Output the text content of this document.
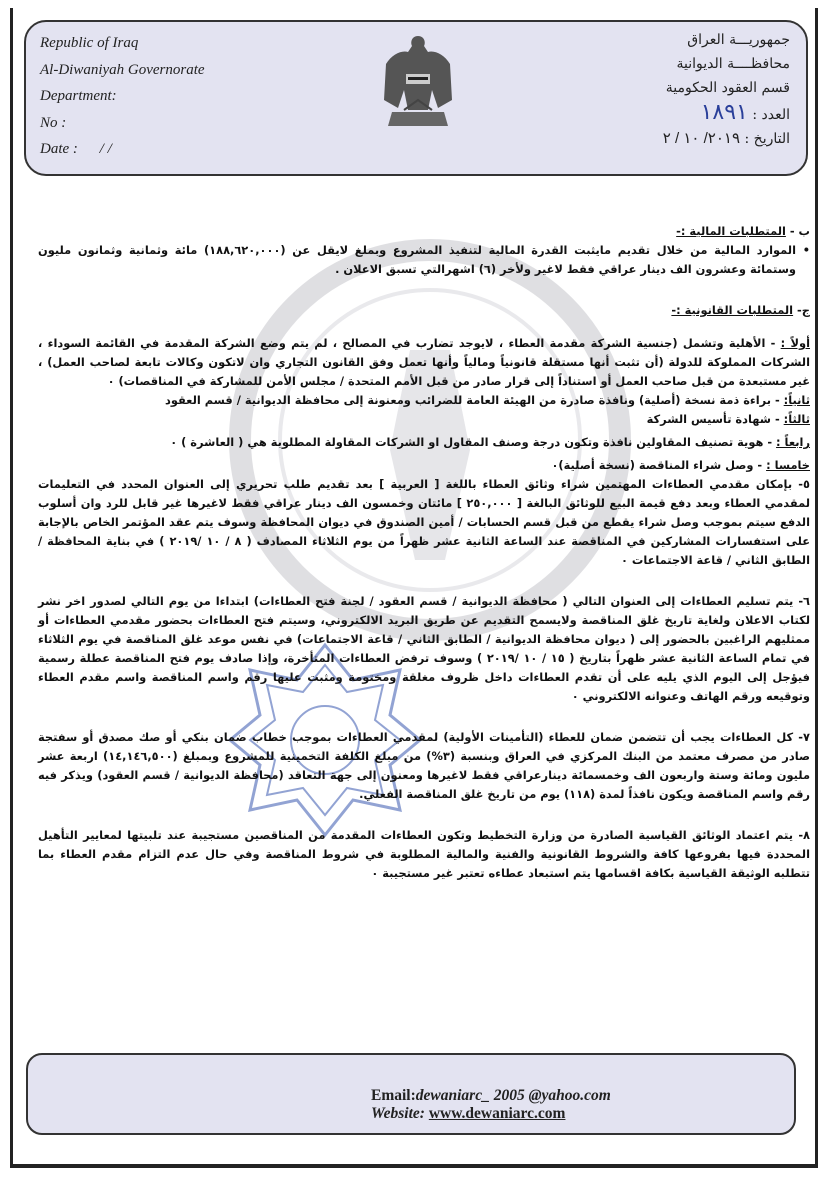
Republic of Iraq
Al-Diwaniyah Governorate
Department:
No :
Date : / /
جمهوريـــة العراق
محافظــــة الديوانية
قسم العقود الحكومية
العدد : ١٨٩١
التاريخ : ٢٠١٩/ ١٠ / ٢

ب - المتطلبات المالية :-

• الموارد المالية من خلال تقديم مايثبت القدرة المالية لتنفيذ المشروع وبملغ لايقل عن (١٨٨,٦٢٠,٠٠٠) مائة وثمانية وثمانون مليون وستمائة وعشرون الف دينار عراقي فقط لاغير ولأخر (٦) اشهرالتي تسبق الاعلان .

ج- المتطلبات القانونية :-

أولاً : - الأهلية وتشمل (جنسية الشركة مقدمة العطاء ، لايوجد تضارب في المصالح ، لم يتم وضع الشركة المقدمة في القائمة السوداء ، الشركات المملوكة للدولة (أن تثبت أنها مستقلة قانونياً ومالياً وأنها تعمل وفق القانون التجاري وان لاتكون وكالات تابعة لصاحب العمل) ، غير مستبعدة من قبل صاحب العمل أو استناداً إلى قرار صادر من قبل الأمم المتحدة / مجلس الأمن للمشاركة في المناقصات) ٠

ثانياً: - براءة ذمة نسخة (أصلية) ونافذة صادرة من الهيئة العامة للضرائب ومعنونة إلى محافظة الديوانية / قسم العقود

ثالثاً: - شهادة تأسيس الشركة

رابعاً : - هوية تصنيف المقاولين نافذة وتكون درجة وصنف المقاول او الشركات المقاولة المطلوبة هي ( العاشرة ) ٠

خامسا : - وصل شراء المناقصة (نسخة أصلية)٠

٥- بإمكان مقدمي العطاءات المهتمين شراء وثائق العطاء باللغة [ العربية ] بعد تقديم طلب تحريري إلى العنوان المحدد في التعليمات لمقدمي العطاء وبعد دفع قيمة البيع للوثائق البالغة [ ٢٥٠,٠٠٠ ] مائتان وخمسون الف دينار عراقي فقط لاغيرها غير قابل للرد وان أسلوب الدفع سيتم بموجب وصل شراء يقطع من قبل قسم الحسابات / أمين الصندوق في ديوان المحافظة وسوف يتم عقد المؤتمر الخاص بالإجابة على استفسارات المشاركين في المناقصة عند الساعة الثانية عشر ظهراً من يوم الثلاثاء المصادف ( ٨ / ١٠ /٢٠١٩ ) في بناية المحافظة / الطابق الثاني / قاعة الاجتماعات ٠

٦- يتم تسليم العطاءات إلى العنوان التالي ( محافظة الديوانية / قسم العقود / لجنة فتح العطاءات) ابتداءا من يوم التالي لصدور اخر نشر لكتاب الاعلان ولغاية تاريخ غلق المناقصة ولايسمح التقديم عن طريق البريد الالكتروني، وسيتم فتح العطاءات بحضور مقدمي العطاءات أو ممثليهم الراغبين بالحضور إلى ( ديوان محافظة الديوانية / الطابق الثاني / قاعة الاجتماعات) في نفس موعد غلق المناقصة في يوم الثلاثاء في تمام الساعة الثانية عشر ظهراً بتاريخ ( ١٥ / ١٠ /٢٠١٩ ) وسوف ترفض العطاءات المتأخرة، وإذا صادف يوم فتح المناقصة عطلة رسمية فيؤجل إلى اليوم الذي يليه على أن تقدم العطاءات داخل ظروف مغلقة ومختومة ومثبت عليها رقم واسم المناقصة واسم مقدم العطاء وتوقيعه ورقم الهاتف وعنوانه الالكتروني ٠

٧- كل العطاءات يجب أن تتضمن ضمان للعطاء (التأمينات الأولية) لمقدمي العطاءات بموجب خطاب ضمان بنكي أو صك مصدق أو سفتجة صادر من مصرف معتمد من البنك المركزي في العراق وبنسبة (٣%) من مبلغ الكلفة التخمينية للمشروع وبمبلغ (١٤,١٤٦,٥٠٠) اربعة عشر مليون ومائة وستة واربعون الف وخمسمائة دينارعراقي فقط لاغيرها ومعنون إلى جهة التعاقد (محافظة الديوانية / قسم العقود) ويذكر فيه رقم واسم المناقصة ويكون نافذاً لمدة (١١٨) يوم من تاريخ غلق المناقصة الفعلي.

٨- يتم اعتماد الوثائق القياسية الصادرة من وزارة التخطيط وتكون العطاءات المقدمة من المناقصين مستجيبة عند تلبيتها لمعايير التأهيل المحددة فيها بفروعها كافة والشروط القانونية والفنية والمالية المطلوبة في شروط المناقصة وفي حال عدم التزام مقدم العطاء بما تتطلبه الوثيقة القياسية بكافة اقسامها يتم استبعاد عطاءه تعتبر غير مستجيبة ٠

Email:dewaniarc_ 2005 @yahoo.com
Website: www.dewaniarc.com
